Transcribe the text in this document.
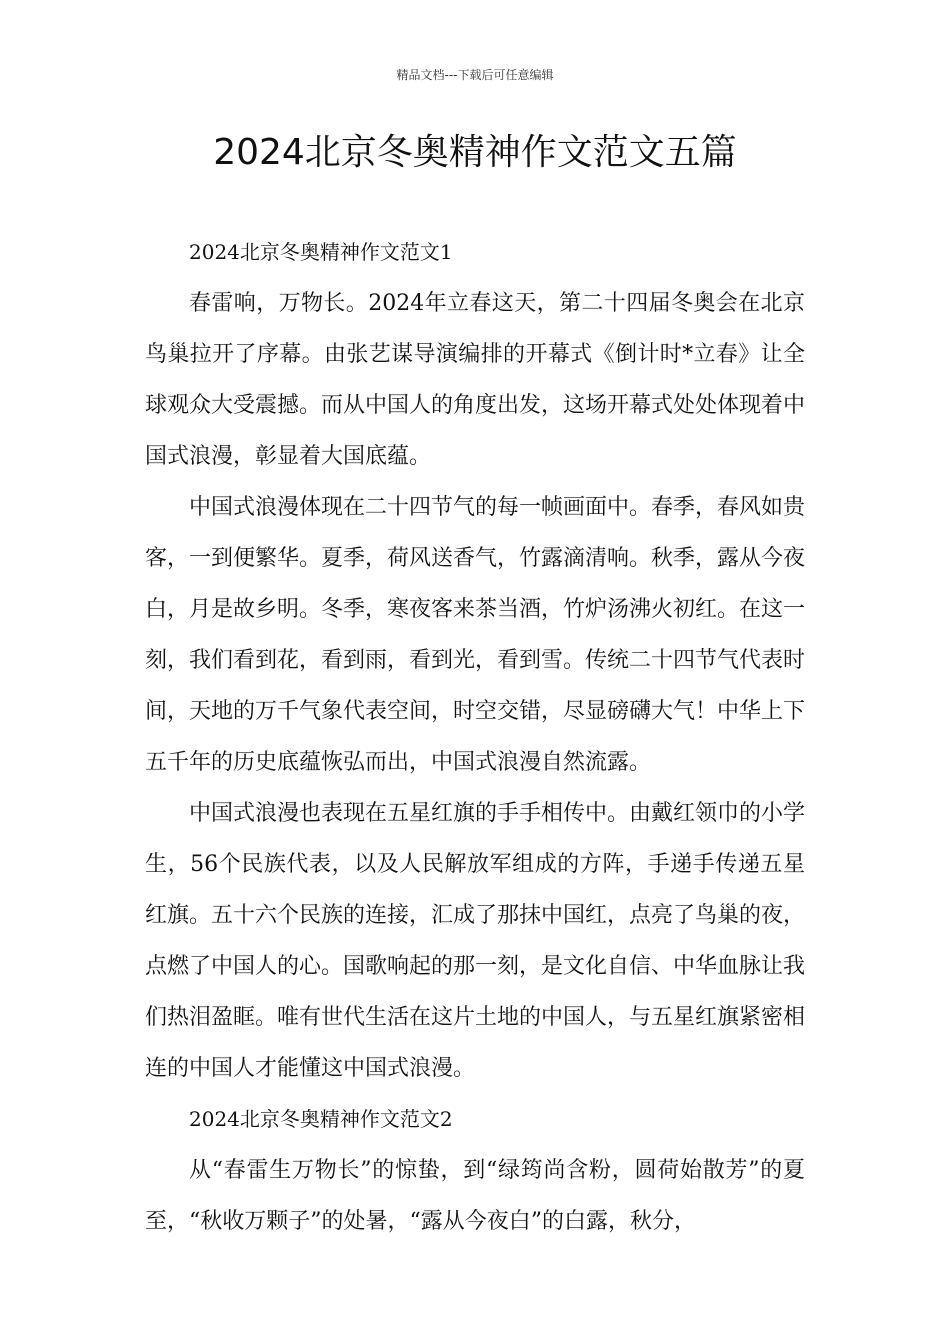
精品文档---下载后可任意编辑
2024北京冬奥精神作文范文五篇

2024北京冬奥精神作文范文1

春雷响，万物长。2024年立春这天，第二十四届冬奥会在北京鸟巢拉开了序幕。由张艺谋导演编排的开幕式《倒计时*立春》让全球观众大受震撼。而从中国人的角度出发，这场开幕式处处体现着中国式浪漫，彰显着大国底蕴。

中国式浪漫体现在二十四节气的每一帧画面中。春季，春风如贵客，一到便繁华。夏季，荷风送香气，竹露滴清响。秋季，露从今夜白，月是故乡明。冬季，寒夜客来茶当酒，竹炉汤沸火初红。在这一刻，我们看到花，看到雨，看到光，看到雪。传统二十四节气代表时间，天地的万千气象代表空间，时空交错，尽显磅礴大气！中华上下五千年的历史底蕴恢弘而出，中国式浪漫自然流露。

中国式浪漫也表现在五星红旗的手手相传中。由戴红领巾的小学生，56个民族代表，以及人民解放军组成的方阵，手递手传递五星红旗。五十六个民族的连接，汇成了那抹中国红，点亮了鸟巢的夜，点燃了中国人的心。国歌响起的那一刻，是文化自信、中华血脉让我们热泪盈眶。唯有世代生活在这片土地的中国人，与五星红旗紧密相连的中国人才能懂这中国式浪漫。

2024北京冬奥精神作文范文2

从“春雷生万物长”的惊蛰，到“绿筠尚含粉，圆荷始散芳”的夏至，“秋收万颗子”的处暑，“露从今夜白”的白露，秋分，
